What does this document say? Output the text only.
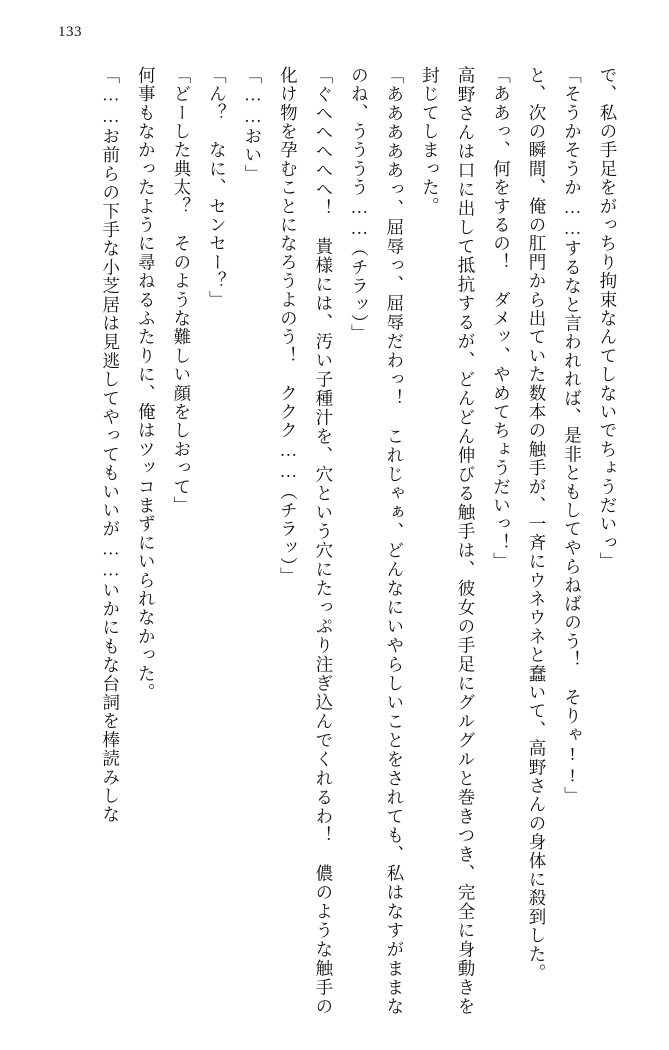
133

で、私の手足をがっちり拘束なんてしないでちょうだいっ」

「そうかそうか……するなと言われれば、是非ともしてやらねばのう！　そりゃ!!」

と、次の瞬間、俺の肛門から出ていた数本の触手が、一斉にウネウネと蠢いて、高野さんの身体に殺到した。

「ああっ、何をするの！　ダメッ、やめてちょうだいっ！」

高野さんは口に出して抵抗するが、どんどん伸びる触手は、彼女の手足にグルグルと巻きつき、完全に身動きを封じてしまった。

「あああああっ、屈辱っ、屈辱だわっ！　これじゃぁ、どんなにいやらしいことをされても、私はなすがままなのね、うううう……（チラッ）」

「ぐへへへへへ！　貴様には、汚い子種汁を、穴という穴にたっぷり注ぎ込んでくれるわ！　儂のような触手の化け物を孕むことになろうよのう！　ククク……（チラッ）」

「……おい」

「ん？　なに、センセー？」

「どーした典太？　そのような難しい顔をしおって」

何事もなかったように尋ねるふたりに、俺はツッコまずにいられなかった。

「……お前らの下手な小芝居は見逃してやってもいいが……いかにもな台詞を棒読みしな
